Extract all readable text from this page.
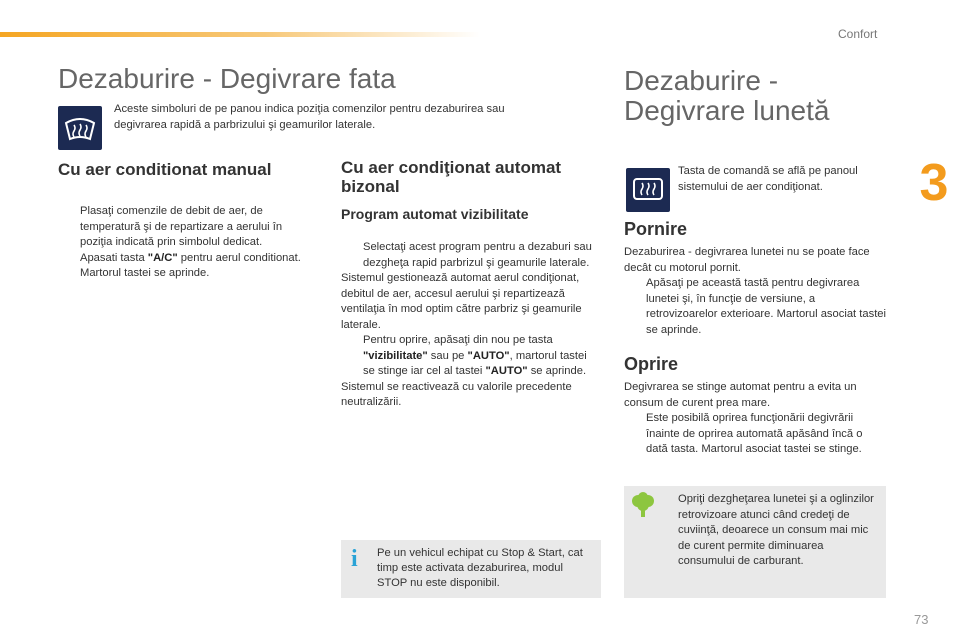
Confort
3
73
Dezaburire - Degivrare fata
Aceste simboluri de pe panou indica poziţia comenzilor pentru dezaburirea sau degivrarea rapidă a parbrizului şi geamurilor laterale.
Cu aer conditionat manual
Plasaţi comenzile de debit de aer, de temperatură şi de repartizare a aerului în poziţia indicată prin simbolul dedicat.
Apasati tasta "A/C" pentru aerul conditionat. Martorul tastei se aprinde.
Cu aer condiţionat automat bizonal
Program automat vizibilitate
Selectaţi acest program pentru a dezaburi sau dezgheţa rapid parbrizul şi geamurile laterale.
Sistemul gestionează automat aerul condiţionat, debitul de aer, accesul aerului şi repartizează ventilaţia în mod optim către parbriz şi geamurile laterale.
Pentru oprire, apăsaţi din nou pe tasta "vizibilitate" sau pe "AUTO", martorul tastei se stinge iar cel al tastei "AUTO" se aprinde.
Sistemul se reactivează cu valorile precedente neutralizării.
i Pe un vehicul echipat cu Stop & Start, cat timp este activata dezaburirea, modul STOP nu este disponibil.
Dezaburire -
Degivrare lunetă
Tasta de comandă se află pe panoul sistemului de aer condiţionat.
Pornire
Dezaburirea - degivrarea lunetei nu se poate face decât cu motorul pornit.
Apăsaţi pe această tastă pentru degivrarea lunetei şi, în funcţie de versiune, a retrovizoarelor exterioare. Martorul asociat tastei se aprinde.
Oprire
Degivrarea se stinge automat pentru a evita un consum de curent prea mare.
Este posibilă oprirea funcţionării degivrării înainte de oprirea automată apăsând încă o dată tasta. Martorul asociat tastei se stinge.
Opriţi dezgheţarea lunetei şi a oglinzilor retrovizoare atunci când credeţi de cuviinţă, deoarece un consum mai mic de curent permite diminuarea consumului de carburant.
